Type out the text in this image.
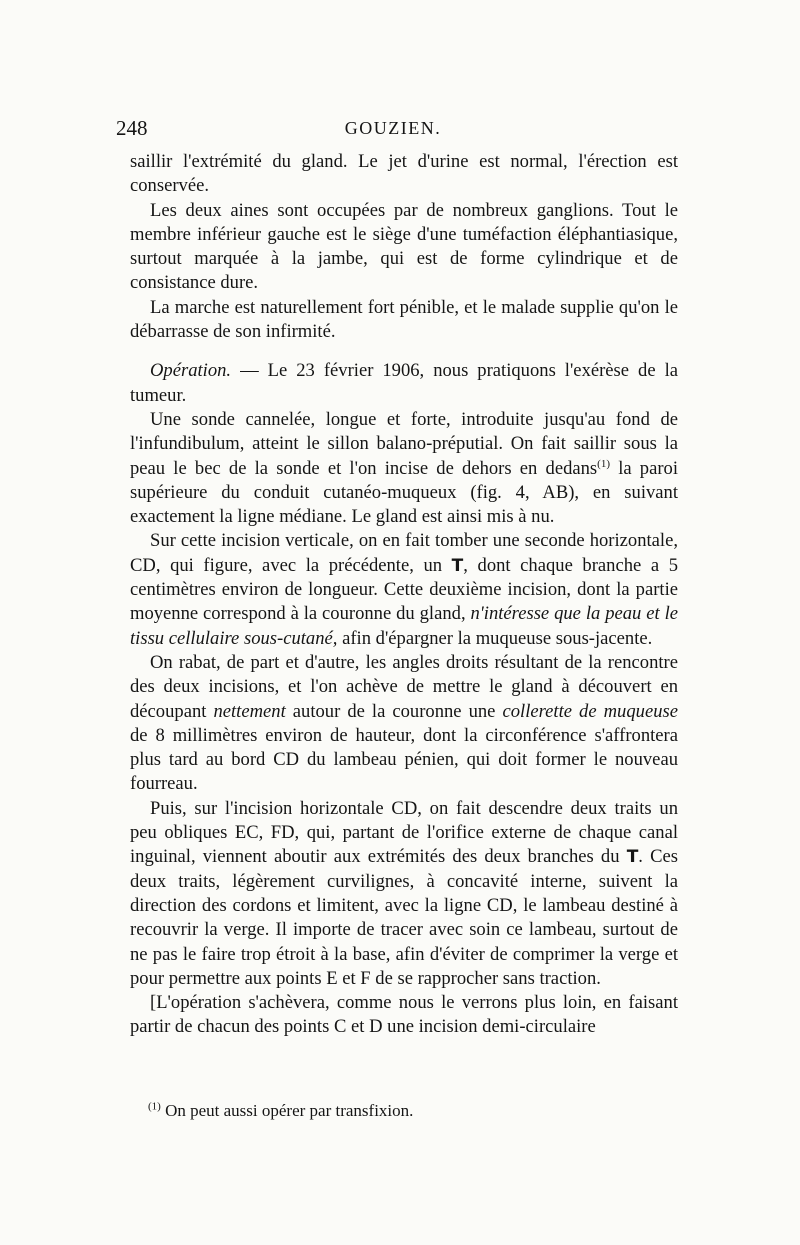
248	GOUZIEN.

saillir l'extrémité du gland. Le jet d'urine est normal, l'érection est conservée.

Les deux aines sont occupées par de nombreux ganglions. Tout le membre inférieur gauche est le siège d'une tuméfaction éléphantiasique, surtout marquée à la jambe, qui est de forme cylindrique et de consistance dure.

La marche est naturellement fort pénible, et le malade supplie qu'on le débarrasse de son infirmité.

Opération. — Le 23 février 1906, nous pratiquons l'exérèse de la tumeur.

Une sonde cannelée, longue et forte, introduite jusqu'au fond de l'infundibulum, atteint le sillon balano-préputial. On fait saillir sous la peau le bec de la sonde et l'on incise de dehors en dedans$^{(1)}$ la paroi supérieure du conduit cutanéo-muqueux (fig. 4, AB), en suivant exactement la ligne médiane. Le gland est ainsi mis à nu.

Sur cette incision verticale, on en fait tomber une seconde horizontale, CD, qui figure, avec la précédente, un T, dont chaque branche a 5 centimètres environ de longueur. Cette deuxième incision, dont la partie moyenne correspond à la couronne du gland, n'intéresse que la peau et le tissu cellulaire sous-cutané, afin d'épargner la muqueuse sous-jacente.

On rabat, de part et d'autre, les angles droits résultant de la rencontre des deux incisions, et l'on achève de mettre le gland à découvert en découpant nettement autour de la couronne une collerette de muqueuse de 8 millimètres environ de hauteur, dont la circonférence s'affrontera plus tard au bord CD du lambeau pénien, qui doit former le nouveau fourreau.

Puis, sur l'incision horizontale CD, on fait descendre deux traits un peu obliques EC, FD, qui, partant de l'orifice externe de chaque canal inguinal, viennent aboutir aux extrémités des deux branches du T. Ces deux traits, légèrement curvilignes, à concavité interne, suivent la direction des cordons et limitent, avec la ligne CD, le lambeau destiné à recouvrir la verge. Il importe de tracer avec soin ce lambeau, surtout de ne pas le faire trop étroit à la base, afin d'éviter de comprimer la verge et pour permettre aux points E et F de se rapprocher sans traction.

[L'opération s'achèvera, comme nous le verrons plus loin, en faisant partir de chacun des points C et D une incision demi-circulaire

$^{(1)}$ On peut aussi opérer par transfixion.
